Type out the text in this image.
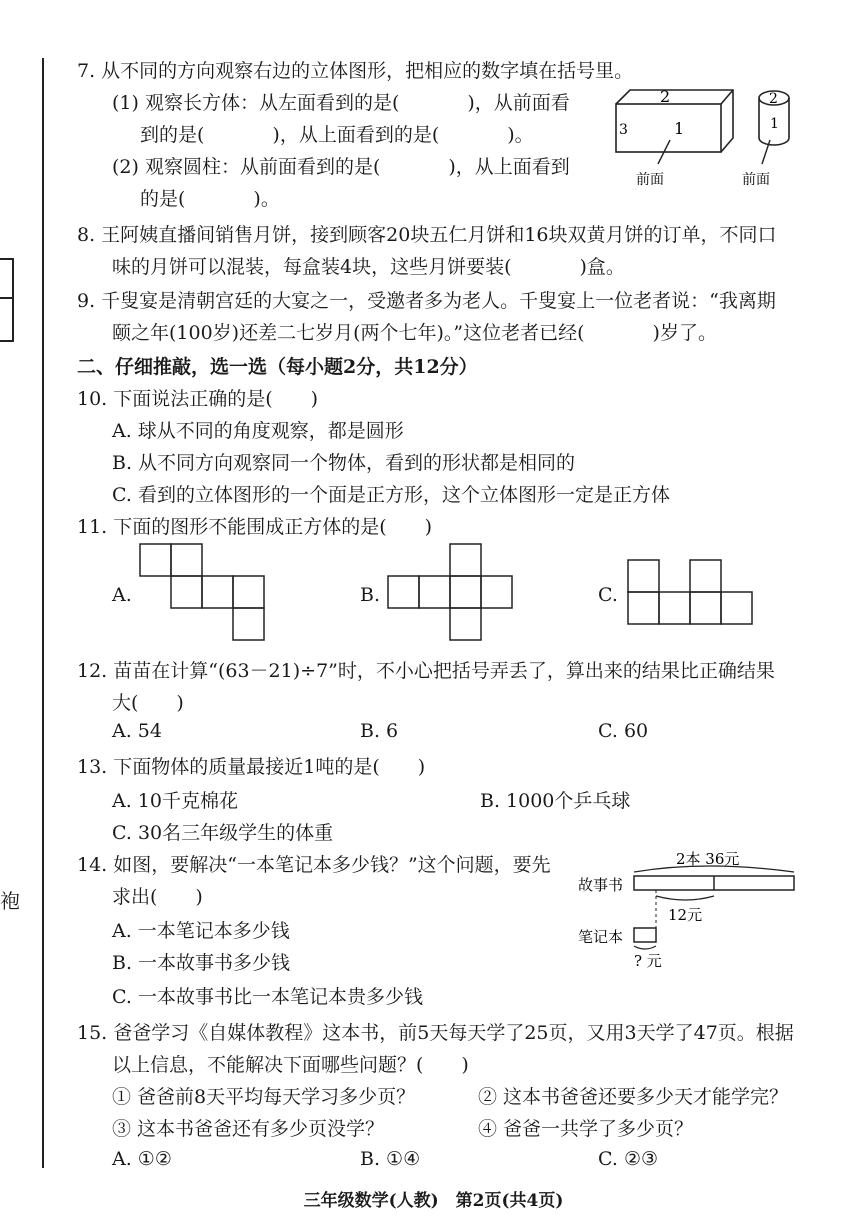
袍
7. 从不同的方向观察右边的立体图形，把相应的数字填在括号里。
(1) 观察长方体：从左面看到的是(	)，从前面看
到的是(	)，从上面看到的是(	)。
(2) 观察圆柱：从前面看到的是(	)，从上面看到
的是(	)。
2
3	1
前面
2
1
前面
8. 王阿姨直播间销售月饼，接到顾客20块五仁月饼和16块双黄月饼的订单，不同口
味的月饼可以混装，每盒装4块，这些月饼要装(	)盒。
9. 千叟宴是清朝宫廷的大宴之一，受邀者多为老人。千叟宴上一位老者说：“我离期
颐之年(100岁)还差二七岁月(两个七年)。”这位老者已经(	)岁了。
二、仔细推敲，选一选（每小题2分，共12分）
10. 下面说法正确的是(　　)
A. 球从不同的角度观察，都是圆形
B. 从不同方向观察同一个物体，看到的形状都是相同的
C. 看到的立体图形的一个面是正方形，这个立体图形一定是正方体
11. 下面的图形不能围成正方体的是(　　)
A.	B.	C.
12. 苗苗在计算“(63－21)÷7”时，不小心把括号弄丢了，算出来的结果比正确结果
大(　　)
A. 54	B. 6	C. 60
13. 下面物体的质量最接近1吨的是(　　)
A. 10千克棉花	B. 1000个乒乓球
C. 30名三年级学生的体重
14. 如图，要解决“一本笔记本多少钱？”这个问题，要先
求出(　　)
A. 一本笔记本多少钱
B. 一本故事书多少钱
C. 一本故事书比一本笔记本贵多少钱
2本 36元
故事书
12元
笔记本
? 元
15. 爸爸学习《自媒体教程》这本书，前5天每天学了25页，又用3天学了47页。根据
以上信息，不能解决下面哪些问题？(　　)
① 爸爸前8天平均每天学习多少页？	② 这本书爸爸还要多少天才能学完？
③ 这本书爸爸还有多少页没学？	④ 爸爸一共学了多少页？
A. ①②	B. ①④	C. ②③
三年级数学(人教)　第2页(共4页)
